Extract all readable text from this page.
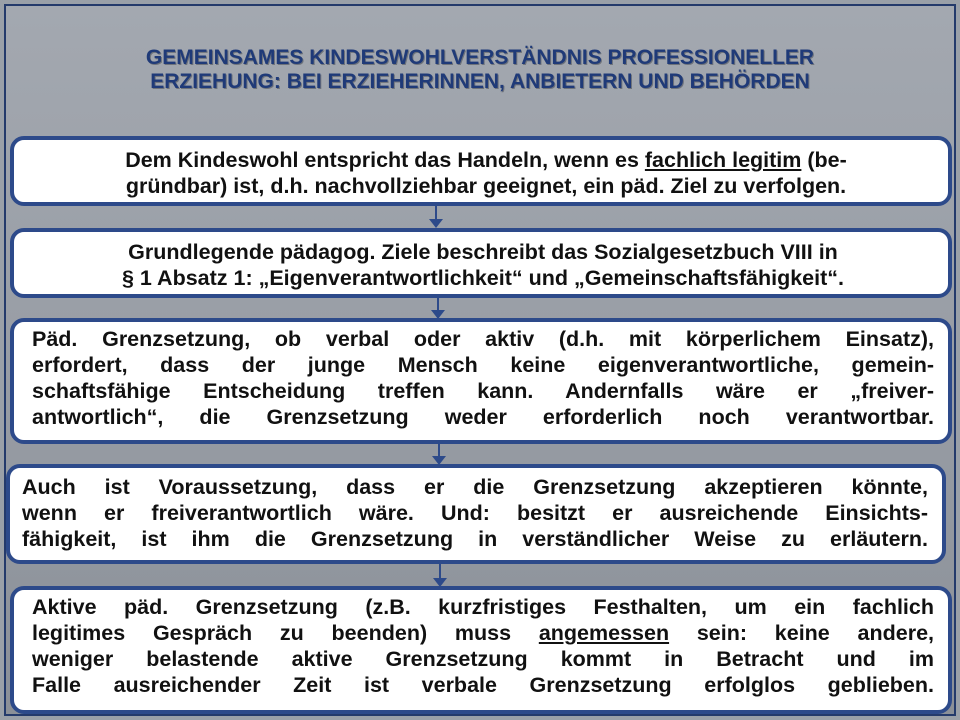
GEMEINSAMES KINDESWOHLVERSTÄNDNIS PROFESSIONELLER
ERZIEHUNG: BEI ERZIEHERINNEN, ANBIETERN UND BEHÖRDEN
Dem Kindeswohl entspricht das Handeln, wenn es fachlich legitim (be-
gründbar) ist, d.h. nachvollziehbar geeignet, ein päd. Ziel zu verfolgen.
Grundlegende pädagog. Ziele beschreibt das Sozialgesetzbuch VIII in
§ 1 Absatz 1: „Eigenverantwortlichkeit“ und „Gemeinschaftsfähigkeit“.
Päd. Grenzsetzung, ob verbal oder aktiv (d.h. mit körperlichem Einsatz),
erfordert, dass der junge Mensch keine eigenverantwortliche, gemein-
schaftsfähige Entscheidung treffen kann. Andernfalls wäre er „freiver-
antwortlich“, die Grenzsetzung weder erforderlich noch verantwortbar.
Auch ist Voraussetzung, dass er die Grenzsetzung akzeptieren könnte,
wenn er freiverantwortlich wäre. Und: besitzt er ausreichende Einsichts-
fähigkeit, ist ihm die Grenzsetzung in verständlicher Weise zu erläutern.
Aktive päd. Grenzsetzung (z.B. kurzfristiges Festhalten, um ein fachlich
legitimes Gespräch zu beenden) muss angemessen sein: keine andere,
weniger belastende aktive Grenzsetzung kommt in Betracht und im
Falle ausreichender Zeit ist verbale Grenzsetzung erfolglos geblieben.
